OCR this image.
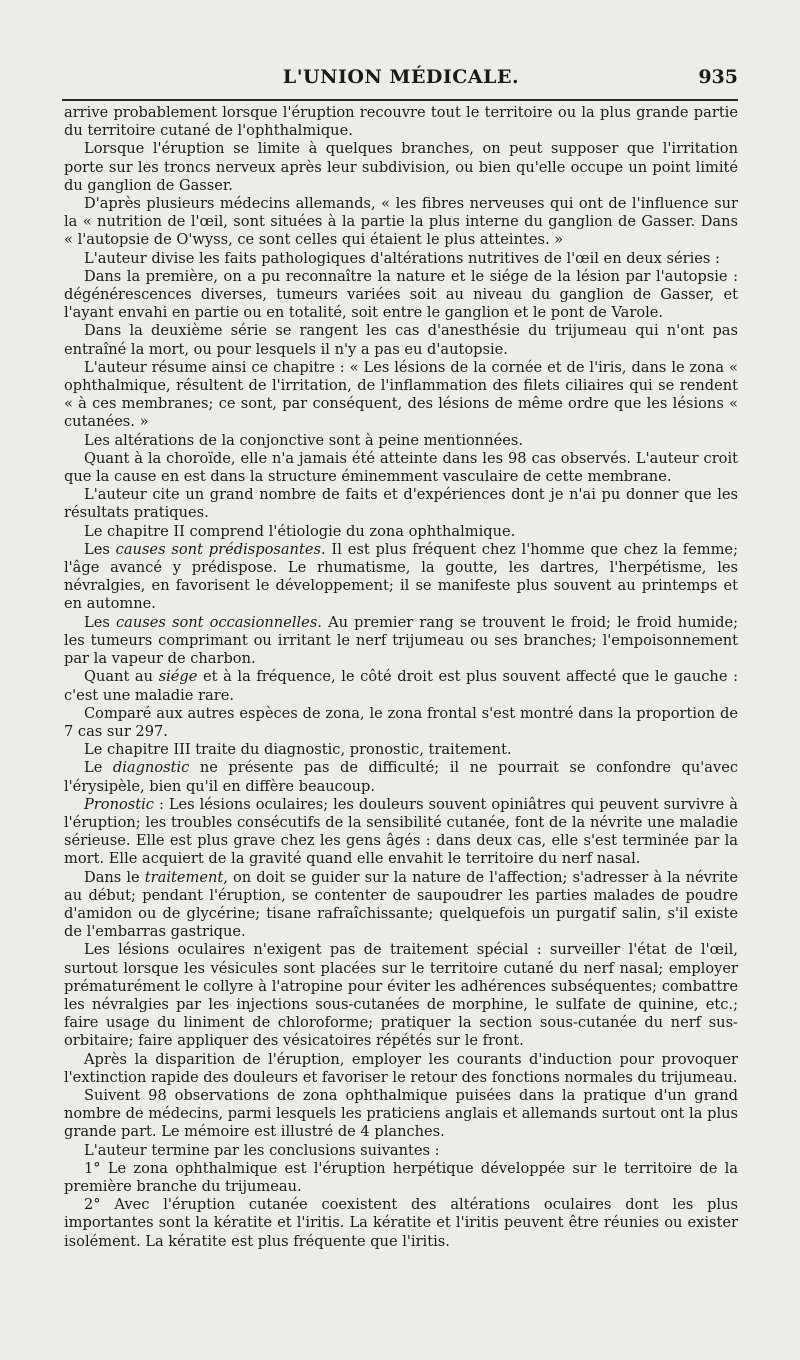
L'UNION MÉDICALE.	935

arrive probablement lorsque l'éruption recouvre tout le territoire ou la plus grande partie du territoire cutané de l'ophthalmique.

Lorsque l'éruption se limite à quelques branches, on peut supposer que l'irritation porte sur les troncs nerveux après leur subdivision, ou bien qu'elle occupe un point limité du ganglion de Gasser.

D'après plusieurs médecins allemands, « les fibres nerveuses qui ont de l'influence sur la « nutrition de l'œil, sont situées à la partie la plus interne du ganglion de Gasser. Dans « l'autopsie de O'wyss, ce sont celles qui étaient le plus atteintes. »

L'auteur divise les faits pathologiques d'altérations nutritives de l'œil en deux séries :

Dans la première, on a pu reconnaître la nature et le siége de la lésion par l'autopsie : dégénérescences diverses, tumeurs variées soit au niveau du ganglion de Gasser, et l'ayant envahi en partie ou en totalité, soit entre le ganglion et le pont de Varole.

Dans la deuxième série se rangent les cas d'anesthésie du trijumeau qui n'ont pas entraîné la mort, ou pour lesquels il n'y a pas eu d'autopsie.

L'auteur résume ainsi ce chapitre : « Les lésions de la cornée et de l'iris, dans le zona « ophthalmique, résultent de l'irritation, de l'inflammation des filets ciliaires qui se rendent « à ces membranes; ce sont, par conséquent, des lésions de même ordre que les lésions « cutanées. »

Les altérations de la conjonctive sont à peine mentionnées.

Quant à la choroïde, elle n'a jamais été atteinte dans les 98 cas observés. L'auteur croit que la cause en est dans la structure éminemment vasculaire de cette membrane.

L'auteur cite un grand nombre de faits et d'expériences dont je n'ai pu donner que les résultats pratiques.

Le chapitre II comprend l'étiologie du zona ophthalmique.

Les causes sont prédisposantes. Il est plus fréquent chez l'homme que chez la femme; l'âge avancé y prédispose. Le rhumatisme, la goutte, les dartres, l'herpétisme, les névralgies, en favorisent le développement; il se manifeste plus souvent au printemps et en automne.

Les causes sont occasionnelles. Au premier rang se trouvent le froid; le froid humide; les tumeurs comprimant ou irritant le nerf trijumeau ou ses branches; l'empoisonnement par la vapeur de charbon.

Quant au siége et à la fréquence, le côté droit est plus souvent affecté que le gauche : c'est une maladie rare.

Comparé aux autres espèces de zona, le zona frontal s'est montré dans la proportion de 7 cas sur 297.

Le chapitre III traite du diagnostic, pronostic, traitement.

Le diagnostic ne présente pas de difficulté; il ne pourrait se confondre qu'avec l'érysipèle, bien qu'il en diffère beaucoup.

Pronostic : Les lésions oculaires; les douleurs souvent opiniâtres qui peuvent survivre à l'éruption; les troubles consécutifs de la sensibilité cutanée, font de la névrite une maladie sérieuse. Elle est plus grave chez les gens âgés : dans deux cas, elle s'est terminée par la mort. Elle acquiert de la gravité quand elle envahit le territoire du nerf nasal.

Dans le traitement, on doit se guider sur la nature de l'affection; s'adresser à la névrite au début; pendant l'éruption, se contenter de saupoudrer les parties malades de poudre d'amidon ou de glycérine; tisane rafraîchissante; quelquefois un purgatif salin, s'il existe de l'embarras gastrique.

Les lésions oculaires n'exigent pas de traitement spécial : surveiller l'état de l'œil, surtout lorsque les vésicules sont placées sur le territoire cutané du nerf nasal; employer prématurément le collyre à l'atropine pour éviter les adhérences subséquentes; combattre les névralgies par les injections sous-cutanées de morphine, le sulfate de quinine, etc.; faire usage du liniment de chloroforme; pratiquer la section sous-cutanée du nerf sus-orbitaire; faire appliquer des vésicatoires répétés sur le front.

Après la disparition de l'éruption, employer les courants d'induction pour provoquer l'extinction rapide des douleurs et favoriser le retour des fonctions normales du trijumeau.

Suivent 98 observations de zona ophthalmique puisées dans la pratique d'un grand nombre de médecins, parmi lesquels les praticiens anglais et allemands surtout ont la plus grande part. Le mémoire est illustré de 4 planches.

L'auteur termine par les conclusions suivantes :

1° Le zona ophthalmique est l'éruption herpétique développée sur le territoire de la première branche du trijumeau.

2° Avec l'éruption cutanée coexistent des altérations oculaires dont les plus importantes sont la kératite et l'iritis. La kératite et l'iritis peuvent être réunies ou exister isolément. La kératite est plus fréquente que l'iritis.
